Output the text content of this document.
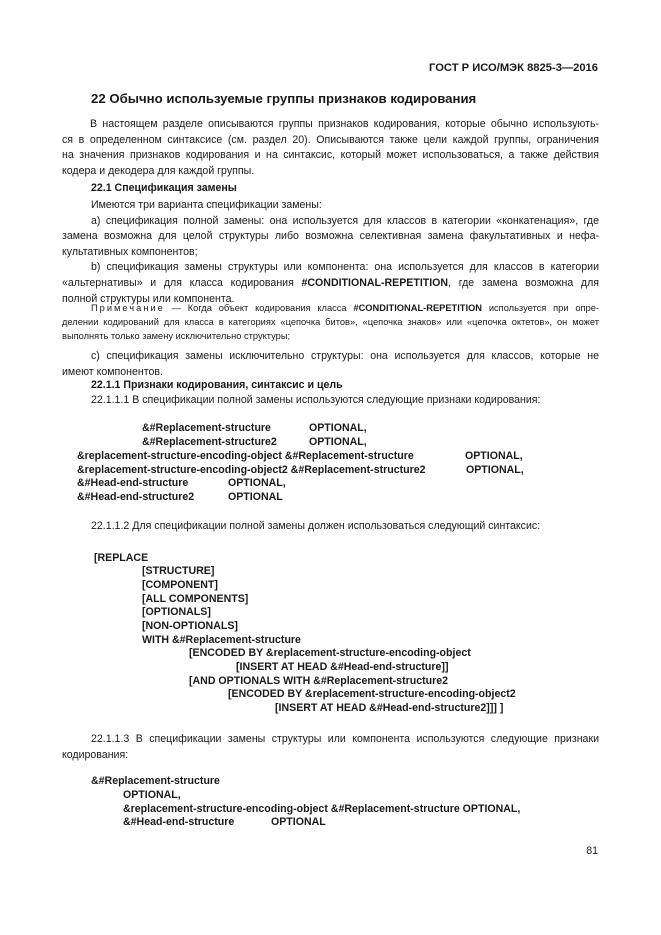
ГОСТ Р ИСО/МЭК 8825-3—2016
22 Обычно используемые группы признаков кодирования
В настоящем разделе описываются группы признаков кодирования, которые обычно использують-
ся в определенном синтаксисе (см. раздел 20). Описываются также цели каждой группы, ограничения
на значения признаков кодирования и на синтаксис, который может использоваться, а также действия
кодера и декодера для каждой группы.
22.1 Спецификация замены
Имеются три варианта спецификации замены:
а) спецификация полной замены: она используется для классов в категории «конкатенация», где
замена возможна для целой структуры либо возможна селективная замена факультативных и нефа-
культативных компонентов;
b) спецификация замены структуры или компонента: она используется для классов в категории
«альтернативы» и для класса кодирования #CONDITIONAL-REPETITION, где замена возможна для
полной структуры или компонента.
Примечание — Когда объект кодирования класса #CONDITIONAL-REPETITION используется при опре-
делении кодирований для класса в категориях «цепочка битов», «цепочка знаков» или «цепочка октетов», он может
выполнять только замену исключительно структуры;
с) спецификация замены исключительно структуры: она используется для классов, которые не
имеют компонентов.
22.1.1 Признаки кодирования, синтаксис и цель
22.1.1.1 В спецификации полной замены используются следующие признаки кодирования:
&#Replacement-structure	OPTIONAL,
&#Replacement-structure2	OPTIONAL,
&replacement-structure-encoding-object &#Replacement-structure	OPTIONAL,
&replacement-structure-encoding-object2 &#Replacement-structure2	OPTIONAL,
&#Head-end-structure	OPTIONAL,
&#Head-end-structure2	OPTIONAL
22.1.1.2 Для спецификации полной замены должен использоваться следующий синтаксис:
[REPLACE
[STRUCTURE]
[COMPONENT]
[ALL COMPONENTS]
[OPTIONALS]
[NON-OPTIONALS]
WITH &#Replacement-structure
[ENCODED BY &replacement-structure-encoding-object
[INSERT AT HEAD &#Head-end-structure]]
[AND OPTIONALS WITH &#Replacement-structure2
[ENCODED BY &replacement-structure-encoding-object2
[INSERT AT HEAD &#Head-end-structure2]]] ]
22.1.1.3 В спецификации замены структуры или компонента используются следующие признаки
кодирования:
&#Replacement-structure
OPTIONAL,
&replacement-structure-encoding-object &#Replacement-structure OPTIONAL,
&#Head-end-structure	OPTIONAL
81
